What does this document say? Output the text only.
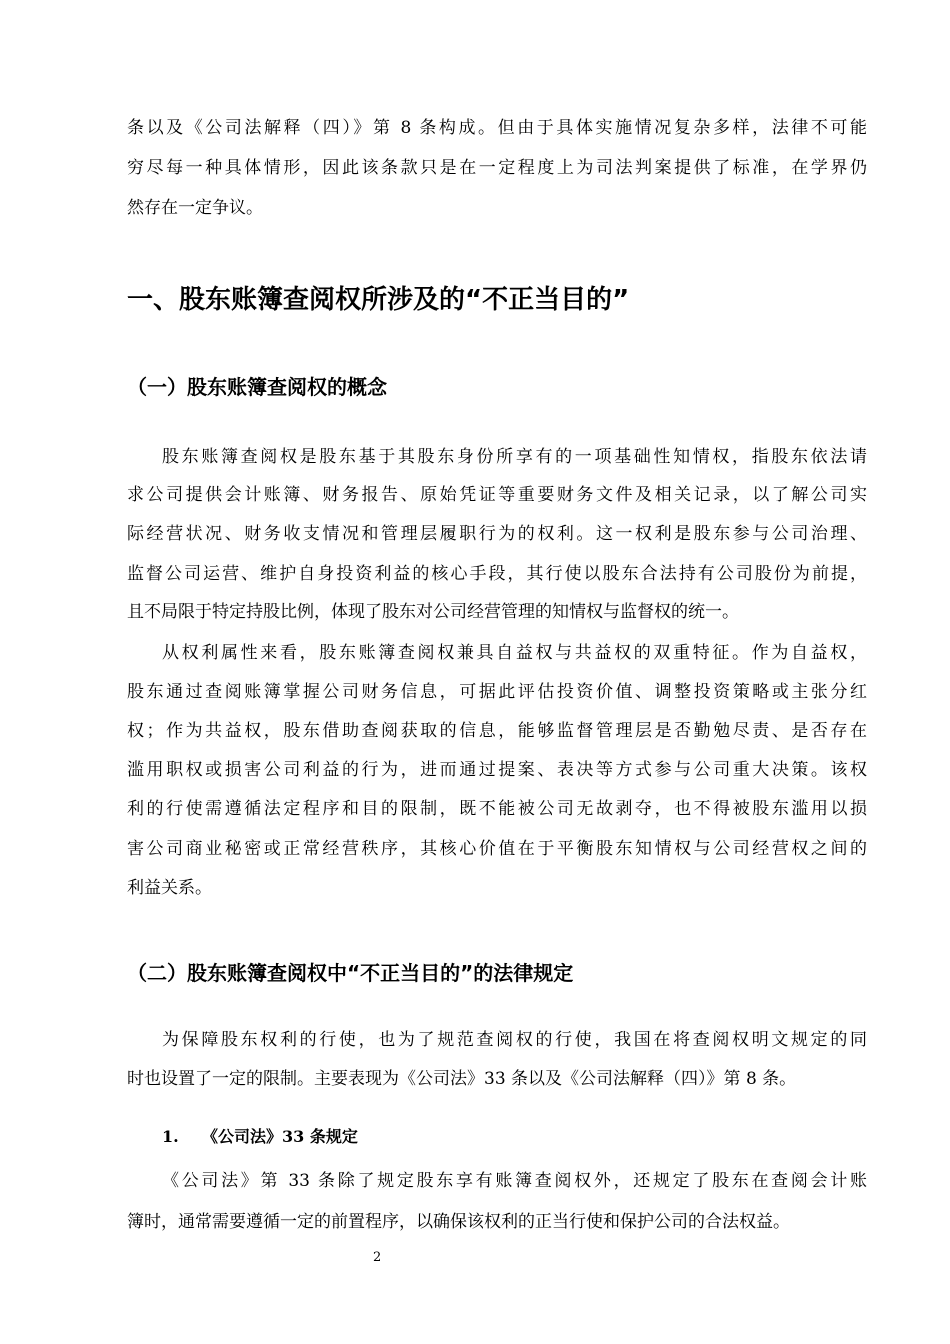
条以及《公司法解释（四）》第 8 条构成。但由于具体实施情况复杂多样，法律不可能
穷尽每一种具体情形，因此该条款只是在一定程度上为司法判案提供了标准，在学界仍
然存在一定争议。
一、股东账簿查阅权所涉及的“不正当目的”
（一）股东账簿查阅权的概念
股东账簿查阅权是股东基于其股东身份所享有的一项基础性知情权，指股东依法请
求公司提供会计账簿、财务报告、原始凭证等重要财务文件及相关记录，以了解公司实
际经营状况、财务收支情况和管理层履职行为的权利。这一权利是股东参与公司治理、
监督公司运营、维护自身投资利益的核心手段，其行使以股东合法持有公司股份为前提，
且不局限于特定持股比例，体现了股东对公司经营管理的知情权与监督权的统一。
从权利属性来看，股东账簿查阅权兼具自益权与共益权的双重特征。作为自益权，
股东通过查阅账簿掌握公司财务信息，可据此评估投资价值、调整投资策略或主张分红
权；作为共益权，股东借助查阅获取的信息，能够监督管理层是否勤勉尽责、是否存在
滥用职权或损害公司利益的行为，进而通过提案、表决等方式参与公司重大决策。该权
利的行使需遵循法定程序和目的限制，既不能被公司无故剥夺，也不得被股东滥用以损
害公司商业秘密或正常经营秩序，其核心价值在于平衡股东知情权与公司经营权之间的
利益关系。
（二）股东账簿查阅权中“不正当目的”的法律规定
为保障股东权利的行使，也为了规范查阅权的行使，我国在将查阅权明文规定的同
时也设置了一定的限制。主要表现为《公司法》33 条以及《公司法解释（四）》第 8 条。
1. 《公司法》33 条规定
《公司法》第 33 条除了规定股东享有账簿查阅权外，还规定了股东在查阅会计账
簿时，通常需要遵循一定的前置程序，以确保该权利的正当行使和保护公司的合法权益。
2
